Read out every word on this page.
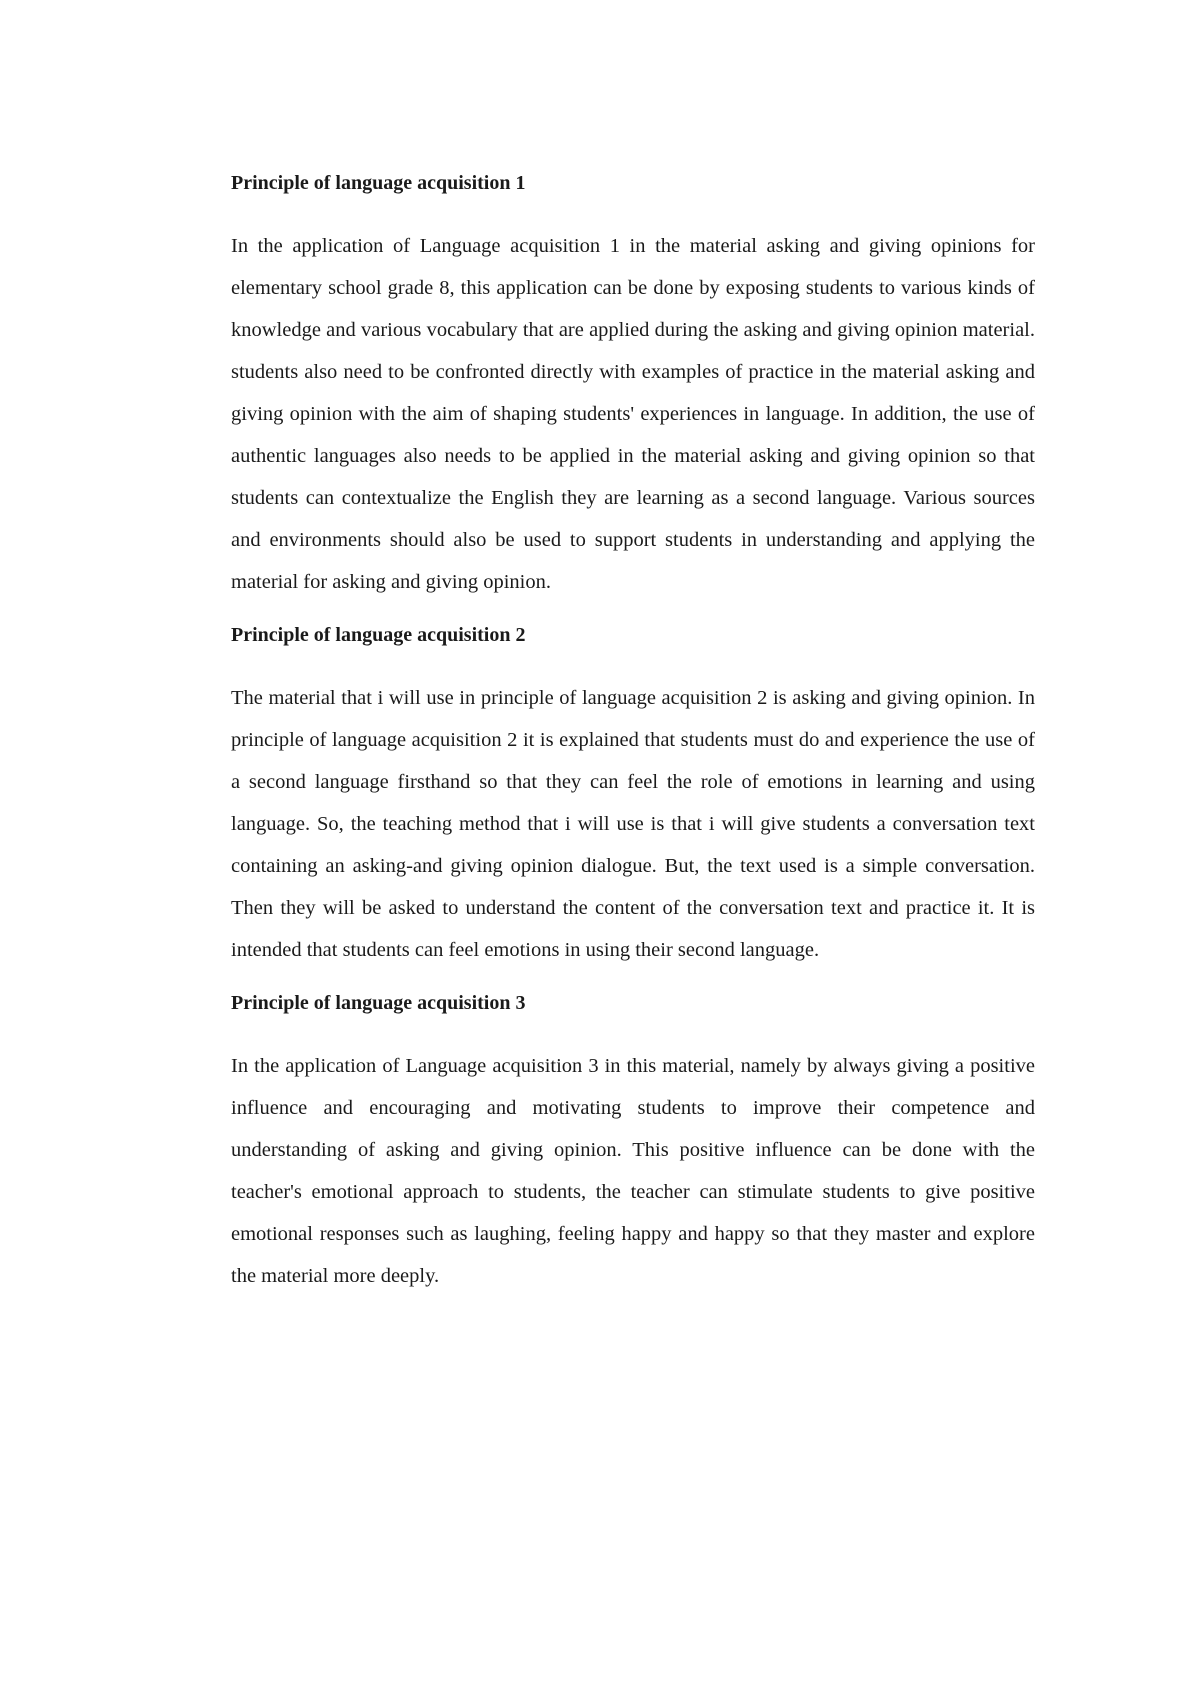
Principle of language acquisition 1

In the application of Language acquisition 1 in the material asking and giving opinions for elementary school grade 8, this application can be done by exposing students to various kinds of knowledge and various vocabulary that are applied during the asking and giving opinion material. students also need to be confronted directly with examples of practice in the material asking and giving opinion with the aim of shaping students' experiences in language. In addition, the use of authentic languages also needs to be applied in the material asking and giving opinion so that students can contextualize the English they are learning as a second language. Various sources and environments should also be used to support students in understanding and applying the material for asking and giving opinion.

Principle of language acquisition 2

The material that i will use in principle of language acquisition 2 is asking and giving opinion. In principle of language acquisition 2 it is explained that students must do and experience the use of a second language firsthand so that they can feel the role of emotions in learning and using language. So, the teaching method that i will use is that i will give students a conversation text containing an asking-and giving opinion dialogue. But, the text used is a simple conversation. Then they will be asked to understand the content of the conversation text and practice it. It is intended that students can feel emotions in using their second language.

Principle of language acquisition 3

In the application of Language acquisition 3 in this material, namely by always giving a positive influence and encouraging and motivating students to improve their competence and understanding of asking and giving opinion. This positive influence can be done with the teacher's emotional approach to students, the teacher can stimulate students to give positive emotional responses such as laughing, feeling happy and happy so that they master and explore the material more deeply.
